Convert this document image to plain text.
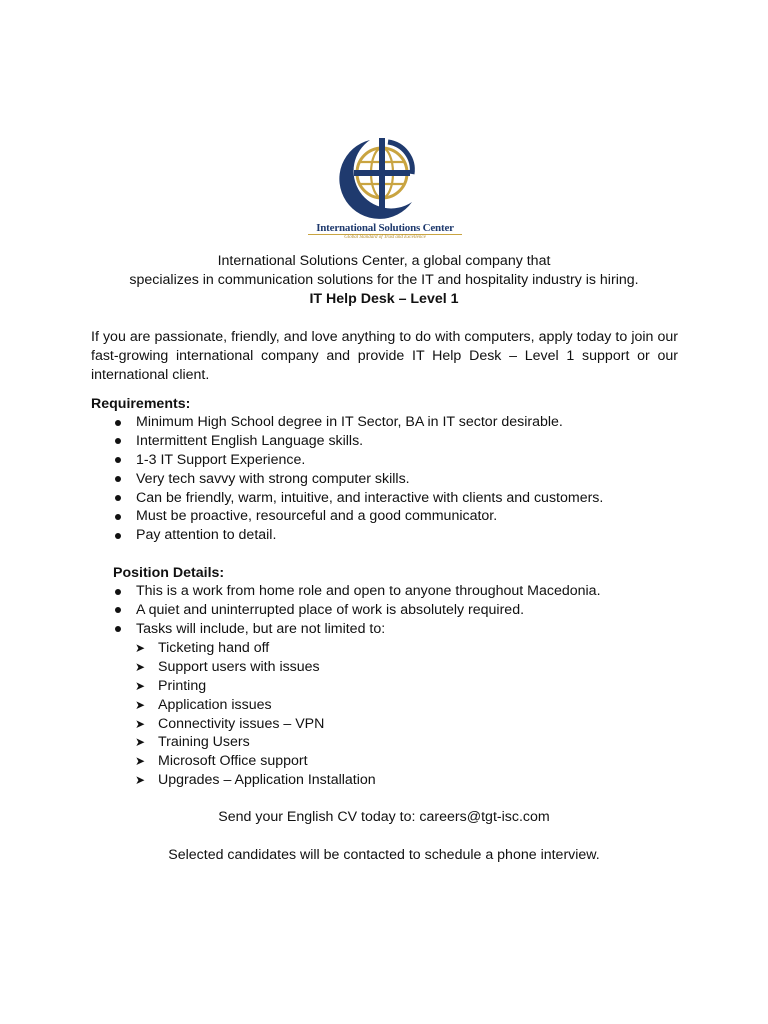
International Solutions Center
Global Standard of Trust and Excellence
International Solutions Center, a global company that
specializes in communication solutions for the IT and hospitality industry is hiring.
IT Help Desk – Level 1
If you are passionate, friendly, and love anything to do with computers, apply today to join our fast-growing international company and provide IT Help Desk – Level 1 support or our international client.
Requirements:
Minimum High School degree in IT Sector, BA in IT sector desirable.
Intermittent English Language skills.
1-3 IT Support Experience.
Very tech savvy with strong computer skills.
Can be friendly, warm, intuitive, and interactive with clients and customers.
Must be proactive, resourceful and a good communicator.
Pay attention to detail.
Position Details:
This is a work from home role and open to anyone throughout Macedonia.
A quiet and uninterrupted place of work is absolutely required.
Tasks will include, but are not limited to:
➤ Ticketing hand off
➤ Support users with issues
➤ Printing
➤ Application issues
➤ Connectivity issues – VPN
➤ Training Users
➤ Microsoft Office support
➤ Upgrades – Application Installation
Send your English CV today to: careers@tgt-isc.com
Selected candidates will be contacted to schedule a phone interview.
